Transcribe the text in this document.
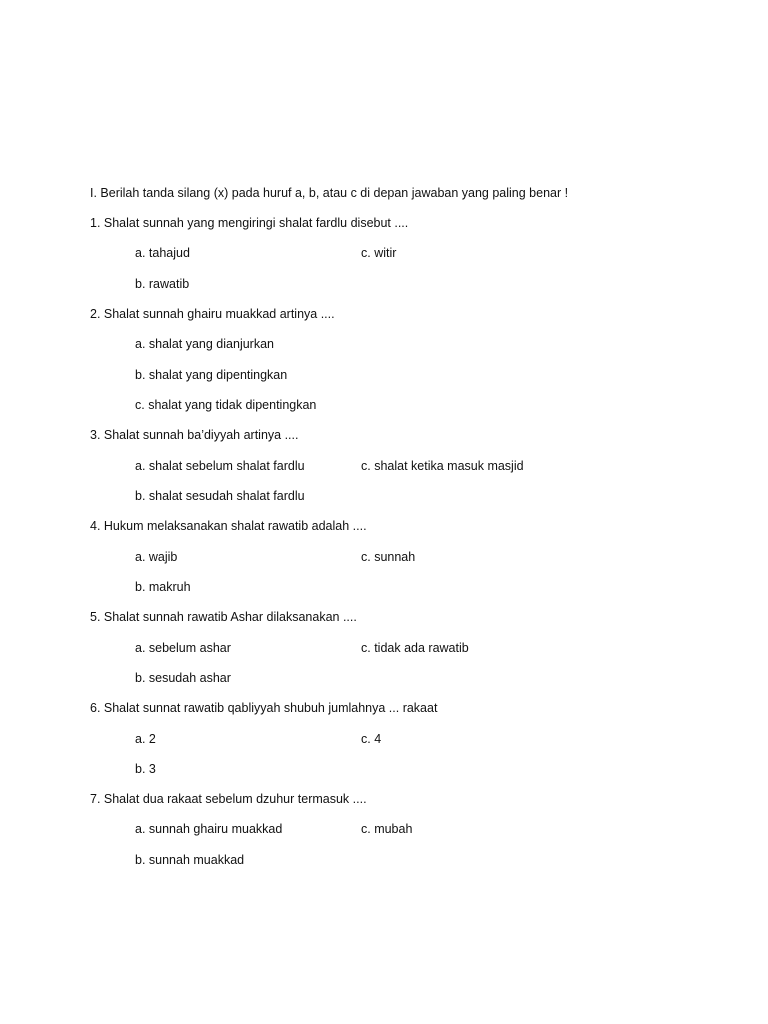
I. Berilah tanda silang (x) pada huruf a, b, atau c di depan jawaban yang paling benar !
1. Shalat sunnah yang mengiringi shalat fardlu disebut ....
a. tahajud	c. witir
b. rawatib
2. Shalat sunnah ghairu muakkad artinya ....
a. shalat yang dianjurkan
b. shalat yang dipentingkan
c. shalat yang tidak dipentingkan
3. Shalat sunnah ba’diyyah artinya ....
a. shalat sebelum shalat fardlu	c. shalat ketika masuk masjid
b. shalat sesudah shalat fardlu
4. Hukum melaksanakan shalat rawatib adalah ....
a. wajib	c. sunnah
b. makruh
5. Shalat sunnah rawatib Ashar dilaksanakan ....
a. sebelum ashar	c. tidak ada rawatib
b. sesudah ashar
6. Shalat sunnat rawatib qabliyyah shubuh jumlahnya ... rakaat
a. 2	c. 4
b. 3
7. Shalat dua rakaat sebelum dzuhur termasuk ....
a. sunnah ghairu muakkad	c. mubah
b. sunnah muakkad
